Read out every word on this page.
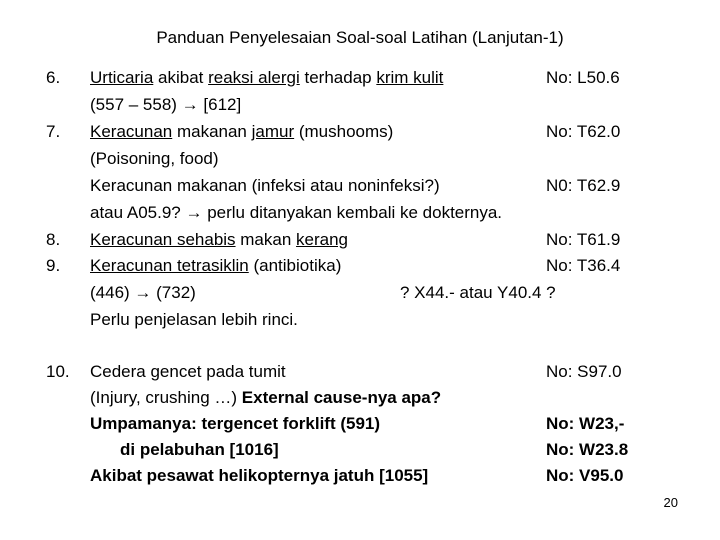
Panduan Penyelesaian Soal-soal Latihan (Lanjutan-1)
6. Urticaria akibat reaksi alergi terhadap krim kulit	No: L50.6
(557 – 558) → [612]
7. Keracunan makanan jamur (mushooms)	No: T62.0
(Poisoning, food)
Keracunan makanan (infeksi atau noninfeksi?)	N0: T62.9
atau A05.9? → perlu ditanyakan kembali ke dokternya.
8. Keracunan sehabis makan kerang	No: T61.9
9. Keracunan tetrasiklin (antibiotika)	No: T36.4
(446) → (732)	? X44.- atau Y40.4 ?
Perlu penjelasan lebih rinci.
10. Cedera gencet pada tumit	No: S97.0
(Injury, crushing …) External cause-nya apa?
Umpamanya: tergencet forklift (591)	No: W23,-
di pelabuhan [1016]	No: W23.8
Akibat pesawat helikopternya jatuh [1055]	No: V95.0
20
